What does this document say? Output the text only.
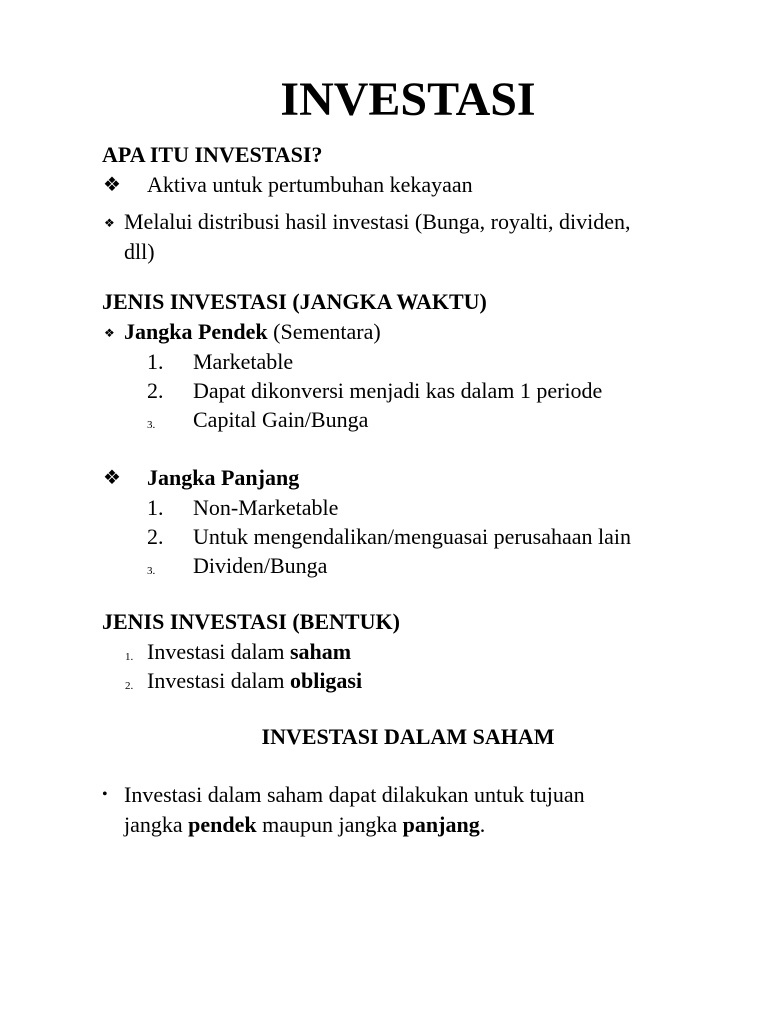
INVESTASI
APA ITU INVESTASI?
❖ Aktiva untuk pertumbuhan kekayaan
❖ Melalui distribusi hasil investasi (Bunga, royalti, dividen,
dll)
JENIS INVESTASI (JANGKA WAKTU)
❖ Jangka Pendek (Sementara)
1. Marketable
2. Dapat dikonversi menjadi kas dalam 1 periode
3. Capital Gain/Bunga
❖ Jangka Panjang
1. Non-Marketable
2. Untuk mengendalikan/menguasai perusahaan lain
3. Dividen/Bunga
JENIS INVESTASI (BENTUK)
1. Investasi dalam saham
2. Investasi dalam obligasi
INVESTASI DALAM SAHAM
• Investasi dalam saham dapat dilakukan untuk tujuan
jangka pendek maupun jangka panjang.
